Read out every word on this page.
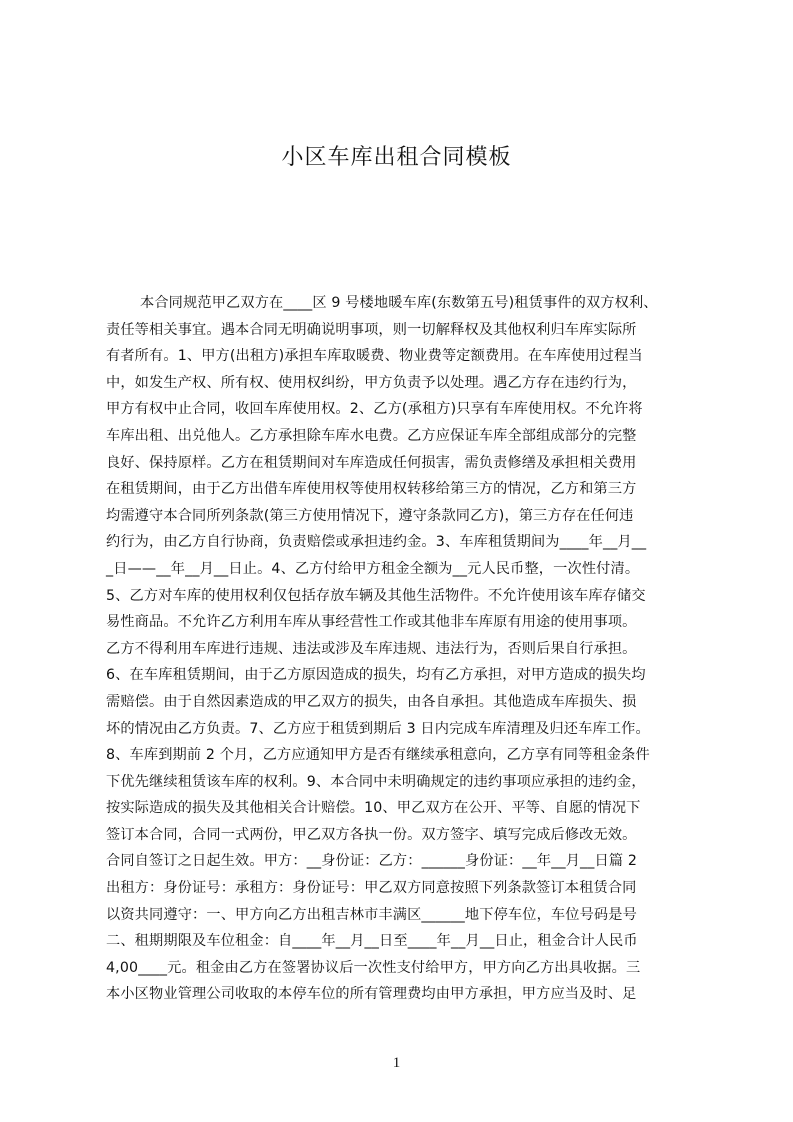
小区车库出租合同模板
本合同规范甲乙双方在____区 9 号楼地暖车库(东数第五号)租赁事件的双方权利、
责任等相关事宜。遇本合同无明确说明事项，则一切解释权及其他权利归车库实际所
有者所有。1、甲方(出租方)承担车库取暖费、物业费等定额费用。在车库使用过程当
中，如发生产权、所有权、使用权纠纷，甲方负责予以处理。遇乙方存在违约行为，
甲方有权中止合同，收回车库使用权。2、乙方(承租方)只享有车库使用权。不允许将
车库出租、出兑他人。乙方承担除车库水电费。乙方应保证车库全部组成部分的完整
良好、保持原样。乙方在租赁期间对车库造成任何损害，需负责修缮及承担相关费用
在租赁期间，由于乙方出借车库使用权等使用权转移给第三方的情况，乙方和第三方
均需遵守本合同所列条款(第三方使用情况下，遵守条款同乙方)，第三方存在任何违
约行为，由乙方自行协商，负责赔偿或承担违约金。3、车库租赁期间为____年__月__
_日——__年__月__日止。4、乙方付给甲方租金全额为__元人民币整，一次性付清。
5、乙方对车库的使用权利仅包括存放车辆及其他生活物件。不允许使用该车库存储交
易性商品。不允许乙方利用车库从事经营性工作或其他非车库原有用途的使用事项。
乙方不得利用车库进行违规、违法或涉及车库违规、违法行为，否则后果自行承担。
6、在车库租赁期间，由于乙方原因造成的损失，均有乙方承担，对甲方造成的损失均
需赔偿。由于自然因素造成的甲乙双方的损失，由各自承担。其他造成车库损失、损
坏的情况由乙方负责。7、乙方应于租赁到期后 3 日内完成车库清理及归还车库工作。
8、车库到期前 2 个月，乙方应通知甲方是否有继续承租意向，乙方享有同等租金条件
下优先继续租赁该车库的权利。9、本合同中未明确规定的违约事项应承担的违约金，
按实际造成的损失及其他相关合计赔偿。10、甲乙双方在公开、平等、自愿的情况下
签订本合同，合同一式两份，甲乙双方各执一份。双方签字、填写完成后修改无效。
合同自签订之日起生效。甲方：__身份证：乙方：______身份证：__年__月__日篇 2
出租方：身份证号：承租方：身份证号：甲乙双方同意按照下列条款签订本租赁合同
以资共同遵守：一、甲方向乙方出租吉林市丰满区______地下停车位，车位号码是号
二、租期期限及车位租金：自____年__月__日至____年__月__日止，租金合计人民币
4,00____元。租金由乙方在签署协议后一次性支付给甲方，甲方向乙方出具收据。三
本小区物业管理公司收取的本停车位的所有管理费均由甲方承担，甲方应当及时、足
1
